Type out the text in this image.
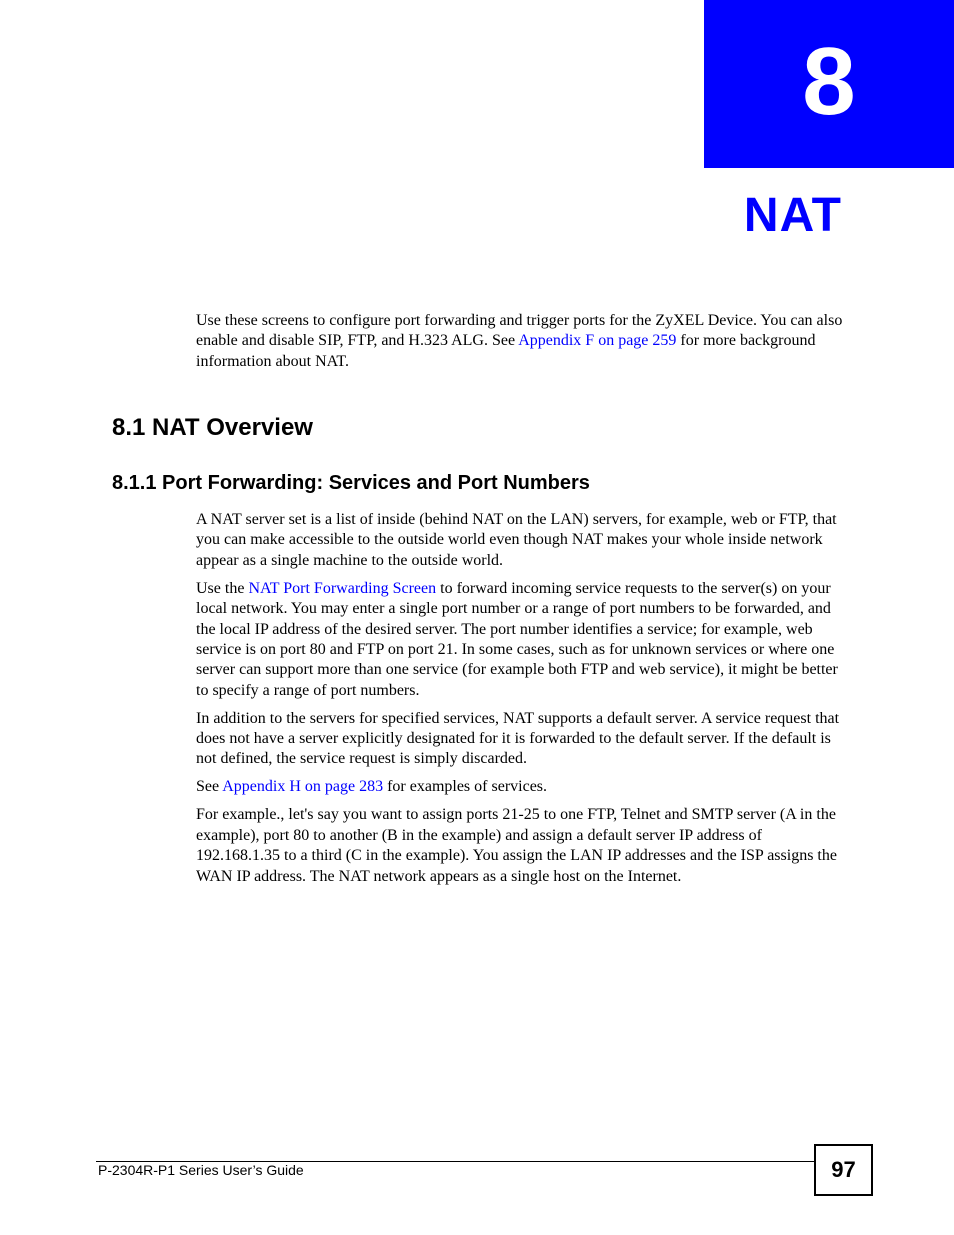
8
NAT

Use these screens to configure port forwarding and trigger ports for the ZyXEL Device. You can also enable and disable SIP, FTP, and H.323 ALG. See Appendix F on page 259 for more background information about NAT.

8.1 NAT Overview
8.1.1 Port Forwarding: Services and Port Numbers

A NAT server set is a list of inside (behind NAT on the LAN) servers, for example, web or FTP, that you can make accessible to the outside world even though NAT makes your whole inside network appear as a single machine to the outside world.

Use the NAT Port Forwarding Screen to forward incoming service requests to the server(s) on your local network. You may enter a single port number or a range of port numbers to be forwarded, and the local IP address of the desired server. The port number identifies a service; for example, web service is on port 80 and FTP on port 21. In some cases, such as for unknown services or where one server can support more than one service (for example both FTP and web service), it might be better to specify a range of port numbers.

In addition to the servers for specified services, NAT supports a default server. A service request that does not have a server explicitly designated for it is forwarded to the default server. If the default is not defined, the service request is simply discarded.

See Appendix H on page 283 for examples of services.

For example., let's say you want to assign ports 21-25 to one FTP, Telnet and SMTP server (A in the example), port 80 to another (B in the example) and assign a default server IP address of 192.168.1.35 to a third (C in the example). You assign the LAN IP addresses and the ISP assigns the WAN IP address. The NAT network appears as a single host on the Internet.

P-2304R-P1 Series User’s Guide	97
